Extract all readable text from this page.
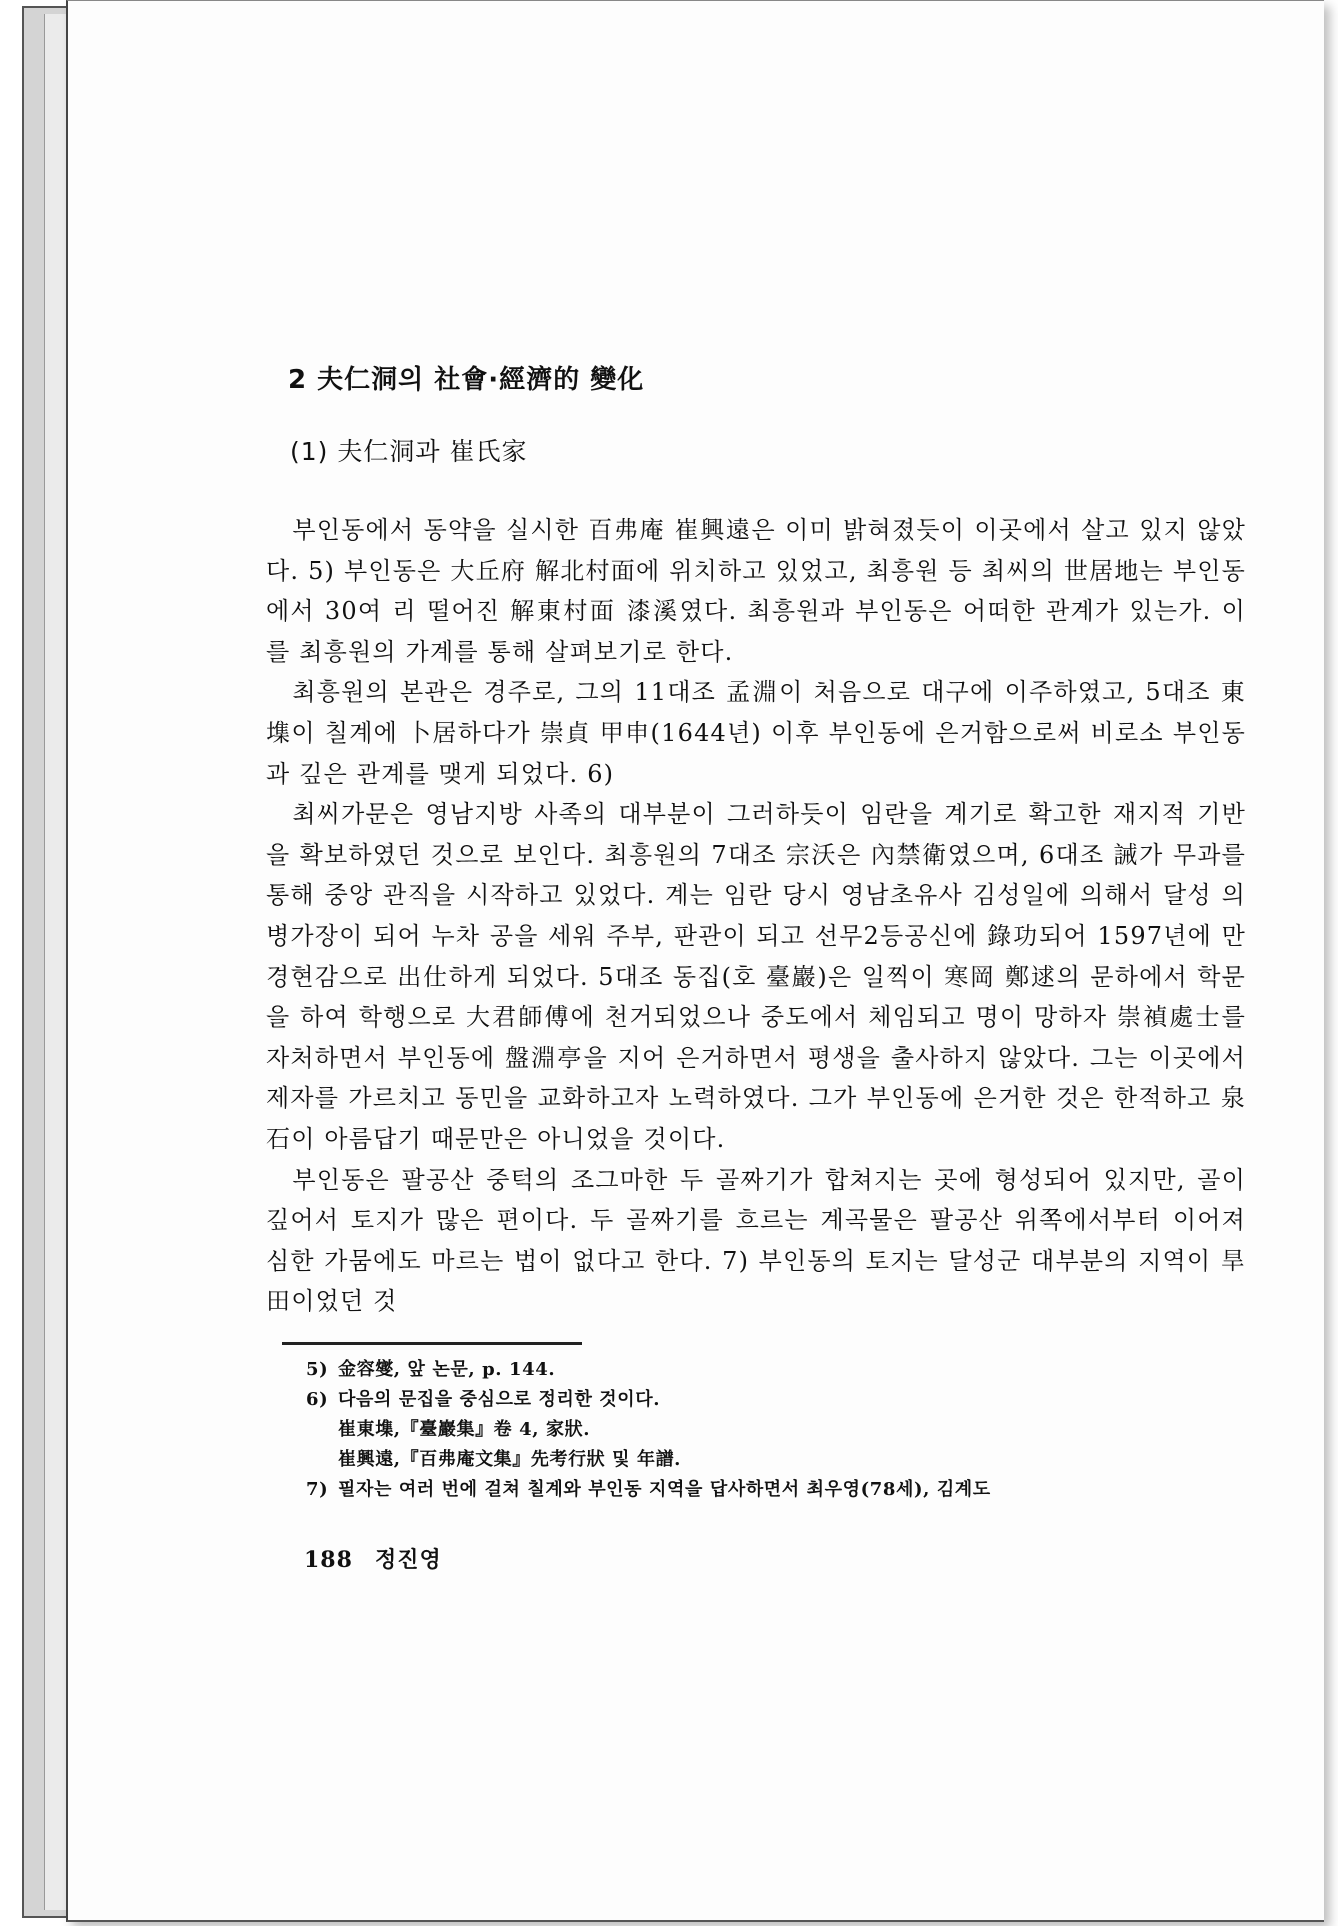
2 夫仁洞의 社會·經濟的 變化
(1) 夫仁洞과 崔氏家

부인동에서 동약을 실시한 百弗庵 崔興遠은 이미 밝혀졌듯이 이곳에서 살고 있지 않았다. 5) 부인동은 大丘府 解北村面에 위치하고 있었고, 최흥원 등 최씨의 世居地는 부인동에서 30여 리 떨어진 解東村面 漆溪였다. 최흥원과 부인동은 어떠한 관계가 있는가. 이를 최흥원의 가계를 통해 살펴보기로 한다.

최흥원의 본관은 경주로, 그의 11대조 孟淵이 처음으로 대구에 이주하였고, 5대조 東㙫이 칠계에 卜居하다가 崇貞 甲申(1644년) 이후 부인동에 은거함으로써 비로소 부인동과 깊은 관계를 맺게 되었다. 6)

최씨가문은 영남지방 사족의 대부분이 그러하듯이 임란을 계기로 확고한 재지적 기반을 확보하였던 것으로 보인다. 최흥원의 7대조 宗沃은 內禁衛였으며, 6대조 誡가 무과를 통해 중앙 관직을 시작하고 있었다. 계는 임란 당시 영남초유사 김성일에 의해서 달성 의병가장이 되어 누차 공을 세워 주부, 판관이 되고 선무2등공신에 錄功되어 1597년에 만경현감으로 出仕하게 되었다. 5대조 동집(호 臺巖)은 일찍이 寒岡 鄭逑의 문하에서 학문을 하여 학행으로 大君師傅에 천거되었으나 중도에서 체임되고 명이 망하자 崇禎處士를 자처하면서 부인동에 盤淵亭을 지어 은거하면서 평생을 출사하지 않았다. 그는 이곳에서 제자를 가르치고 동민을 교화하고자 노력하였다. 그가 부인동에 은거한 것은 한적하고 泉石이 아름답기 때문만은 아니었을 것이다.

부인동은 팔공산 중턱의 조그마한 두 골짜기가 합쳐지는 곳에 형성되어 있지만, 골이 깊어서 토지가 많은 편이다. 두 골짜기를 흐르는 계곡물은 팔공산 위쪽에서부터 이어져 심한 가뭄에도 마르는 법이 없다고 한다. 7) 부인동의 토지는 달성군 대부분의 지역이 旱田이었던 것

5) 金容燮, 앞 논문, p. 144.
6) 다음의 문집을 중심으로 정리한 것이다.
崔東㙫,『臺巖集』卷 4, 家狀.
崔興遠,『百弗庵文集』先考行狀 및 年譜.
7) 필자는 여러 번에 걸쳐 칠계와 부인동 지역을 답사하면서 최우영(78세), 김계도
188 정진영
